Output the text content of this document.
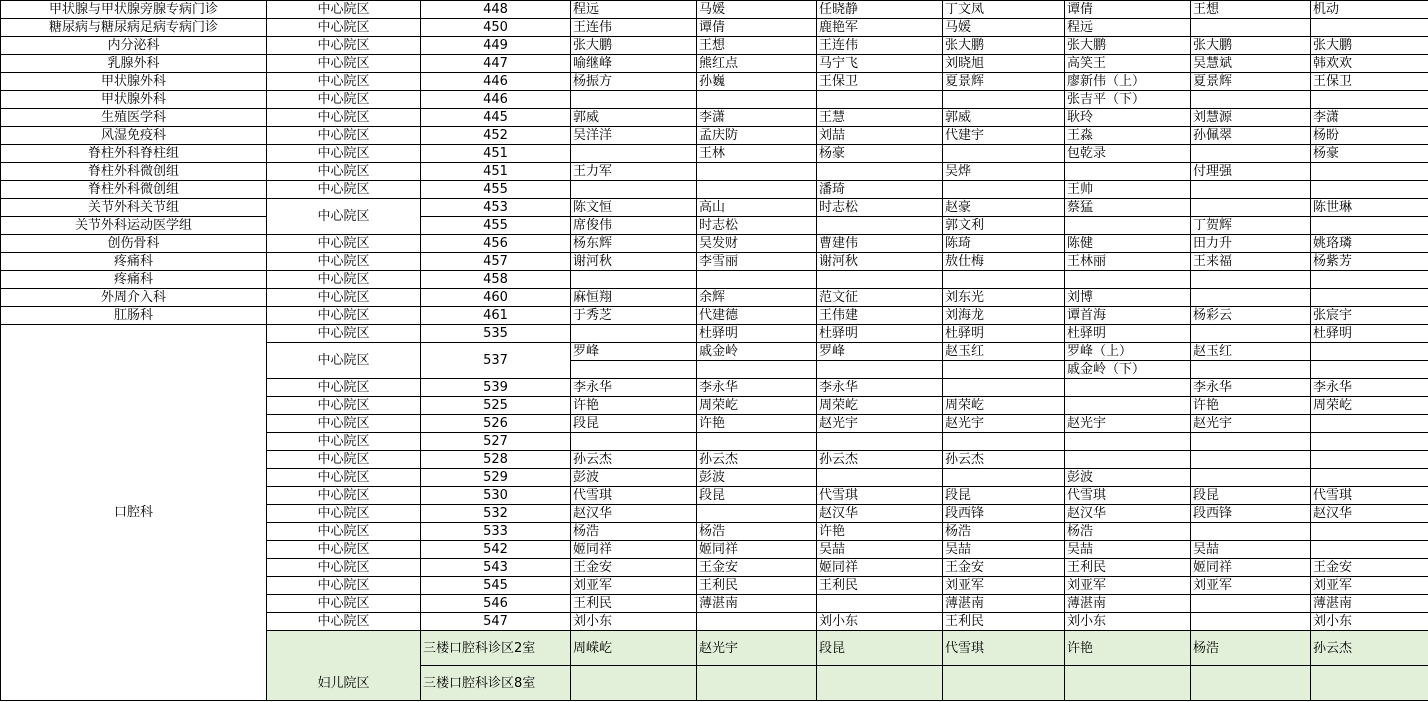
甲状腺与甲状腺旁腺专病门诊	中心院区	448	程远	马媛	任晓静	丁文凤	谭倩	王想	机动
糖尿病与糖尿病足病专病门诊	中心院区	450	王连伟	谭倩	鹿艳军	马媛	程远		
内分泌科	中心院区	449	张大鹏	王想	王连伟	张大鹏	张大鹏	张大鹏	张大鹏
乳腺外科	中心院区	447	喻继峰	熊红点	马宁飞	刘晓旭	高笑王	吴慧斌	韩欢欢
甲状腺外科	中心院区	446	杨振方	孙巍	王保卫	夏景辉	廖新伟（上）	夏景辉	王保卫
甲状腺外科	中心院区	446					张吉平（下）		
生殖医学科	中心院区	445	郭威	李潇	王慧	郭威	耿玲	刘慧源	李潇
风湿免疫科	中心院区	452	吴洋洋	孟庆防	刘喆	代建宇	王淼	孙佩翠	杨盼
脊柱外科脊柱组	中心院区	451		王林	杨豪		包乾录		杨豪
脊柱外科微创组	中心院区	451	王力军			吴烨		付理强	
脊柱外科微创组	中心院区	455			潘琦		王帅		
关节外科关节组	中心院区	453	陈文恒	高山	时志松	赵豪	蔡猛		陈世琳
关节外科运动医学组		455	席俊伟	时志松		郭文利		丁贺辉	
创伤骨科	中心院区	456	杨东辉	吴发财	曹建伟	陈琦	陈健	田力升	姚珞璘
疼痛科	中心院区	457	谢河秋	李雪丽	谢河秋	敖仕梅	王林丽	王来福	杨紫芳
疼痛科	中心院区	458							
外周介入科	中心院区	460	麻恒翔	余辉	范文征	刘东光	刘博		
肛肠科	中心院区	461	于秀芝	代建德	王伟建	刘海龙	谭首海	杨彩云	张宸宇
口腔科	中心院区	535		杜驿明	杜驿明	杜驿明	杜驿明		杜驿明
	中心院区	537	罗峰	戚金岭	罗峰	赵玉红	罗峰（上）	赵玉红	
							戚金岭（下）		
	中心院区	539	李永华	李永华	李永华			李永华	李永华
	中心院区	525	许艳	周荣屹	周荣屹	周荣屹		许艳	周荣屹
	中心院区	526	段昆	许艳	赵光宇	赵光宇	赵光宇	赵光宇	
	中心院区	527							
	中心院区	528	孙云杰	孙云杰	孙云杰	孙云杰			
	中心院区	529	彭波	彭波			彭波		
	中心院区	530	代雪琪	段昆	代雪琪	段昆	代雪琪	段昆	代雪琪
	中心院区	532	赵汉华		赵汉华	段西锋	赵汉华	段西锋	赵汉华
	中心院区	533	杨浩	杨浩	许艳	杨浩	杨浩		
	中心院区	542	姬同祥	姬同祥	吴喆	吴喆	吴喆	吴喆	
	中心院区	543	王金安	王金安	姬同祥	王金安	王利民	姬同祥	王金安
	中心院区	545	刘亚军	王利民	王利民	刘亚军	刘亚军	刘亚军	刘亚军
	中心院区	546	王利民	薄湛南		薄湛南	薄湛南		薄湛南
	中心院区	547	刘小东		刘小东	王利民	刘小东		刘小东
	妇儿院区	三楼口腔科诊区2室	周嵘屹	赵光宇	段昆	代雪琪	许艳	杨浩	孙云杰
		三楼口腔科诊区8室							
